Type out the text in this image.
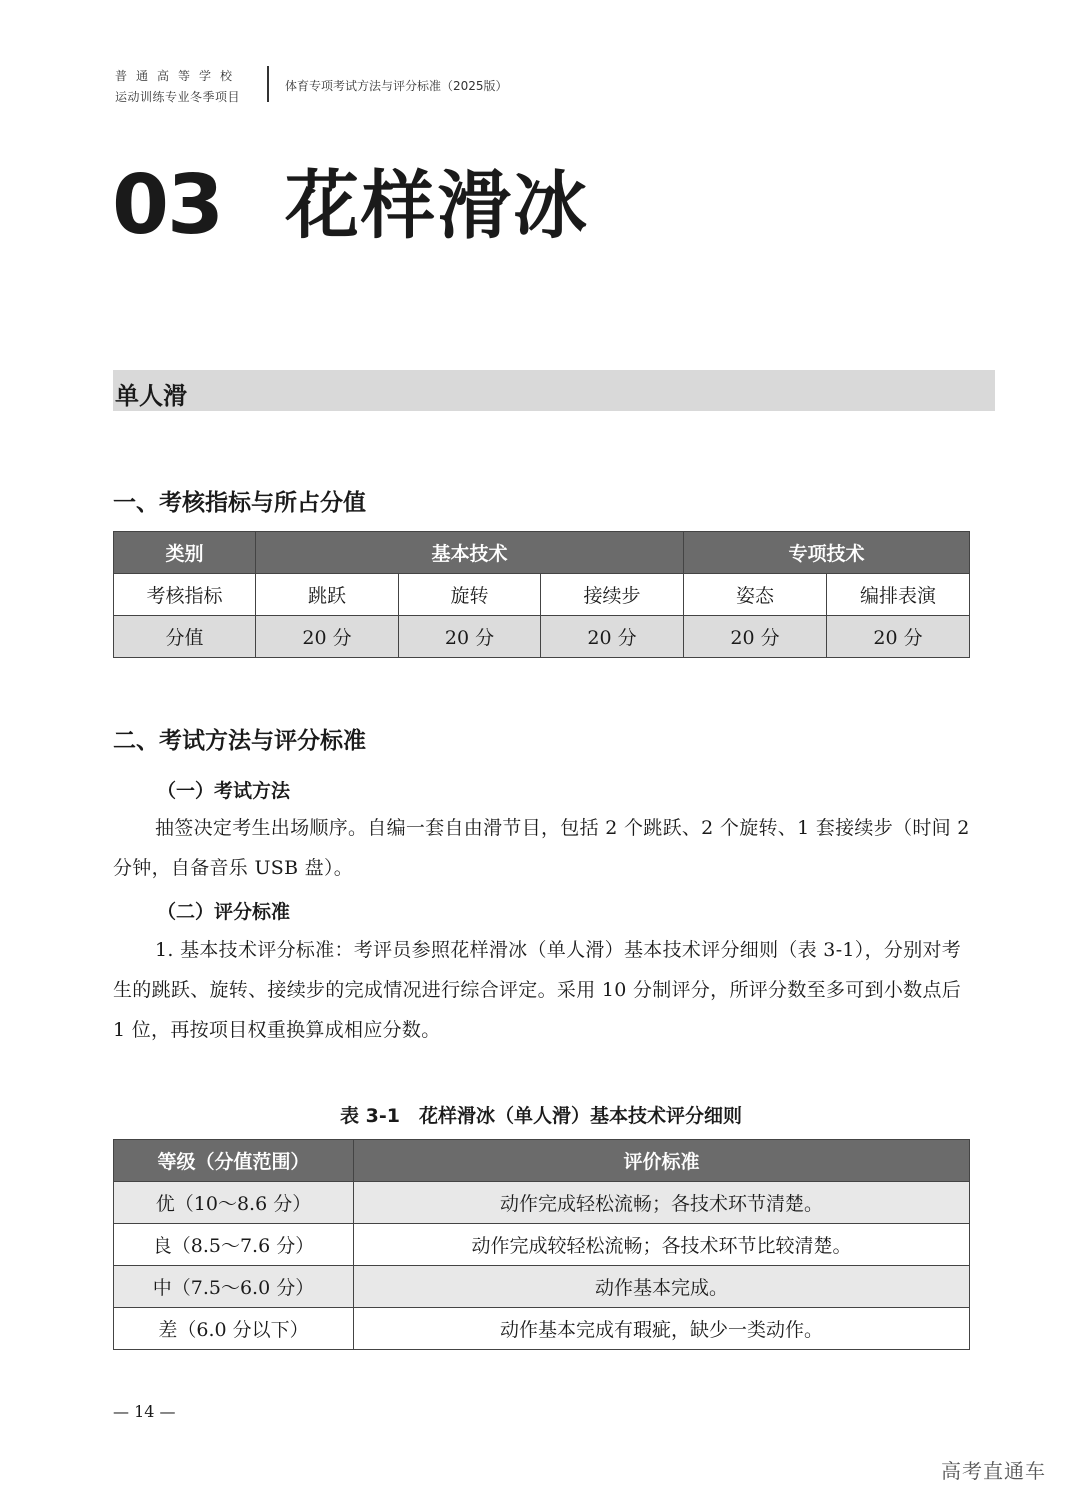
普通高等学校
运动训练专业冬季项目
体育专项考试方法与评分标准（2025版）
03 花样滑冰
单人滑
一、考核指标与所占分值
类别	基本技术			专项技术	
考核指标	跳跃	旋转	接续步	姿态	编排表演
分值	20 分	20 分	20 分	20 分	20 分
二、考试方法与评分标准
（一）考试方法

抽签决定考生出场顺序。自编一套自由滑节目，包括 2 个跳跃、2 个旋转、1 套接续步（时间 2 分钟，自备音乐 USB 盘）。

（二）评分标准

1. 基本技术评分标准：考评员参照花样滑冰（单人滑）基本技术评分细则（表 3-1），分别对考生的跳跃、旋转、接续步的完成情况进行综合评定。采用 10 分制评分，所评分数至多可到小数点后 1 位，再按项目权重换算成相应分数。

表 3-1　花样滑冰（单人滑）基本技术评分细则
等级（分值范围）	评价标准
优（10～8.6 分）	动作完成轻松流畅；各技术环节清楚。
良（8.5～7.6 分）	动作完成较轻松流畅；各技术环节比较清楚。
中（7.5～6.0 分）	动作基本完成。
差（6.0 分以下）	动作基本完成有瑕疵，缺少一类动作。
— 14 —
高考直通车
